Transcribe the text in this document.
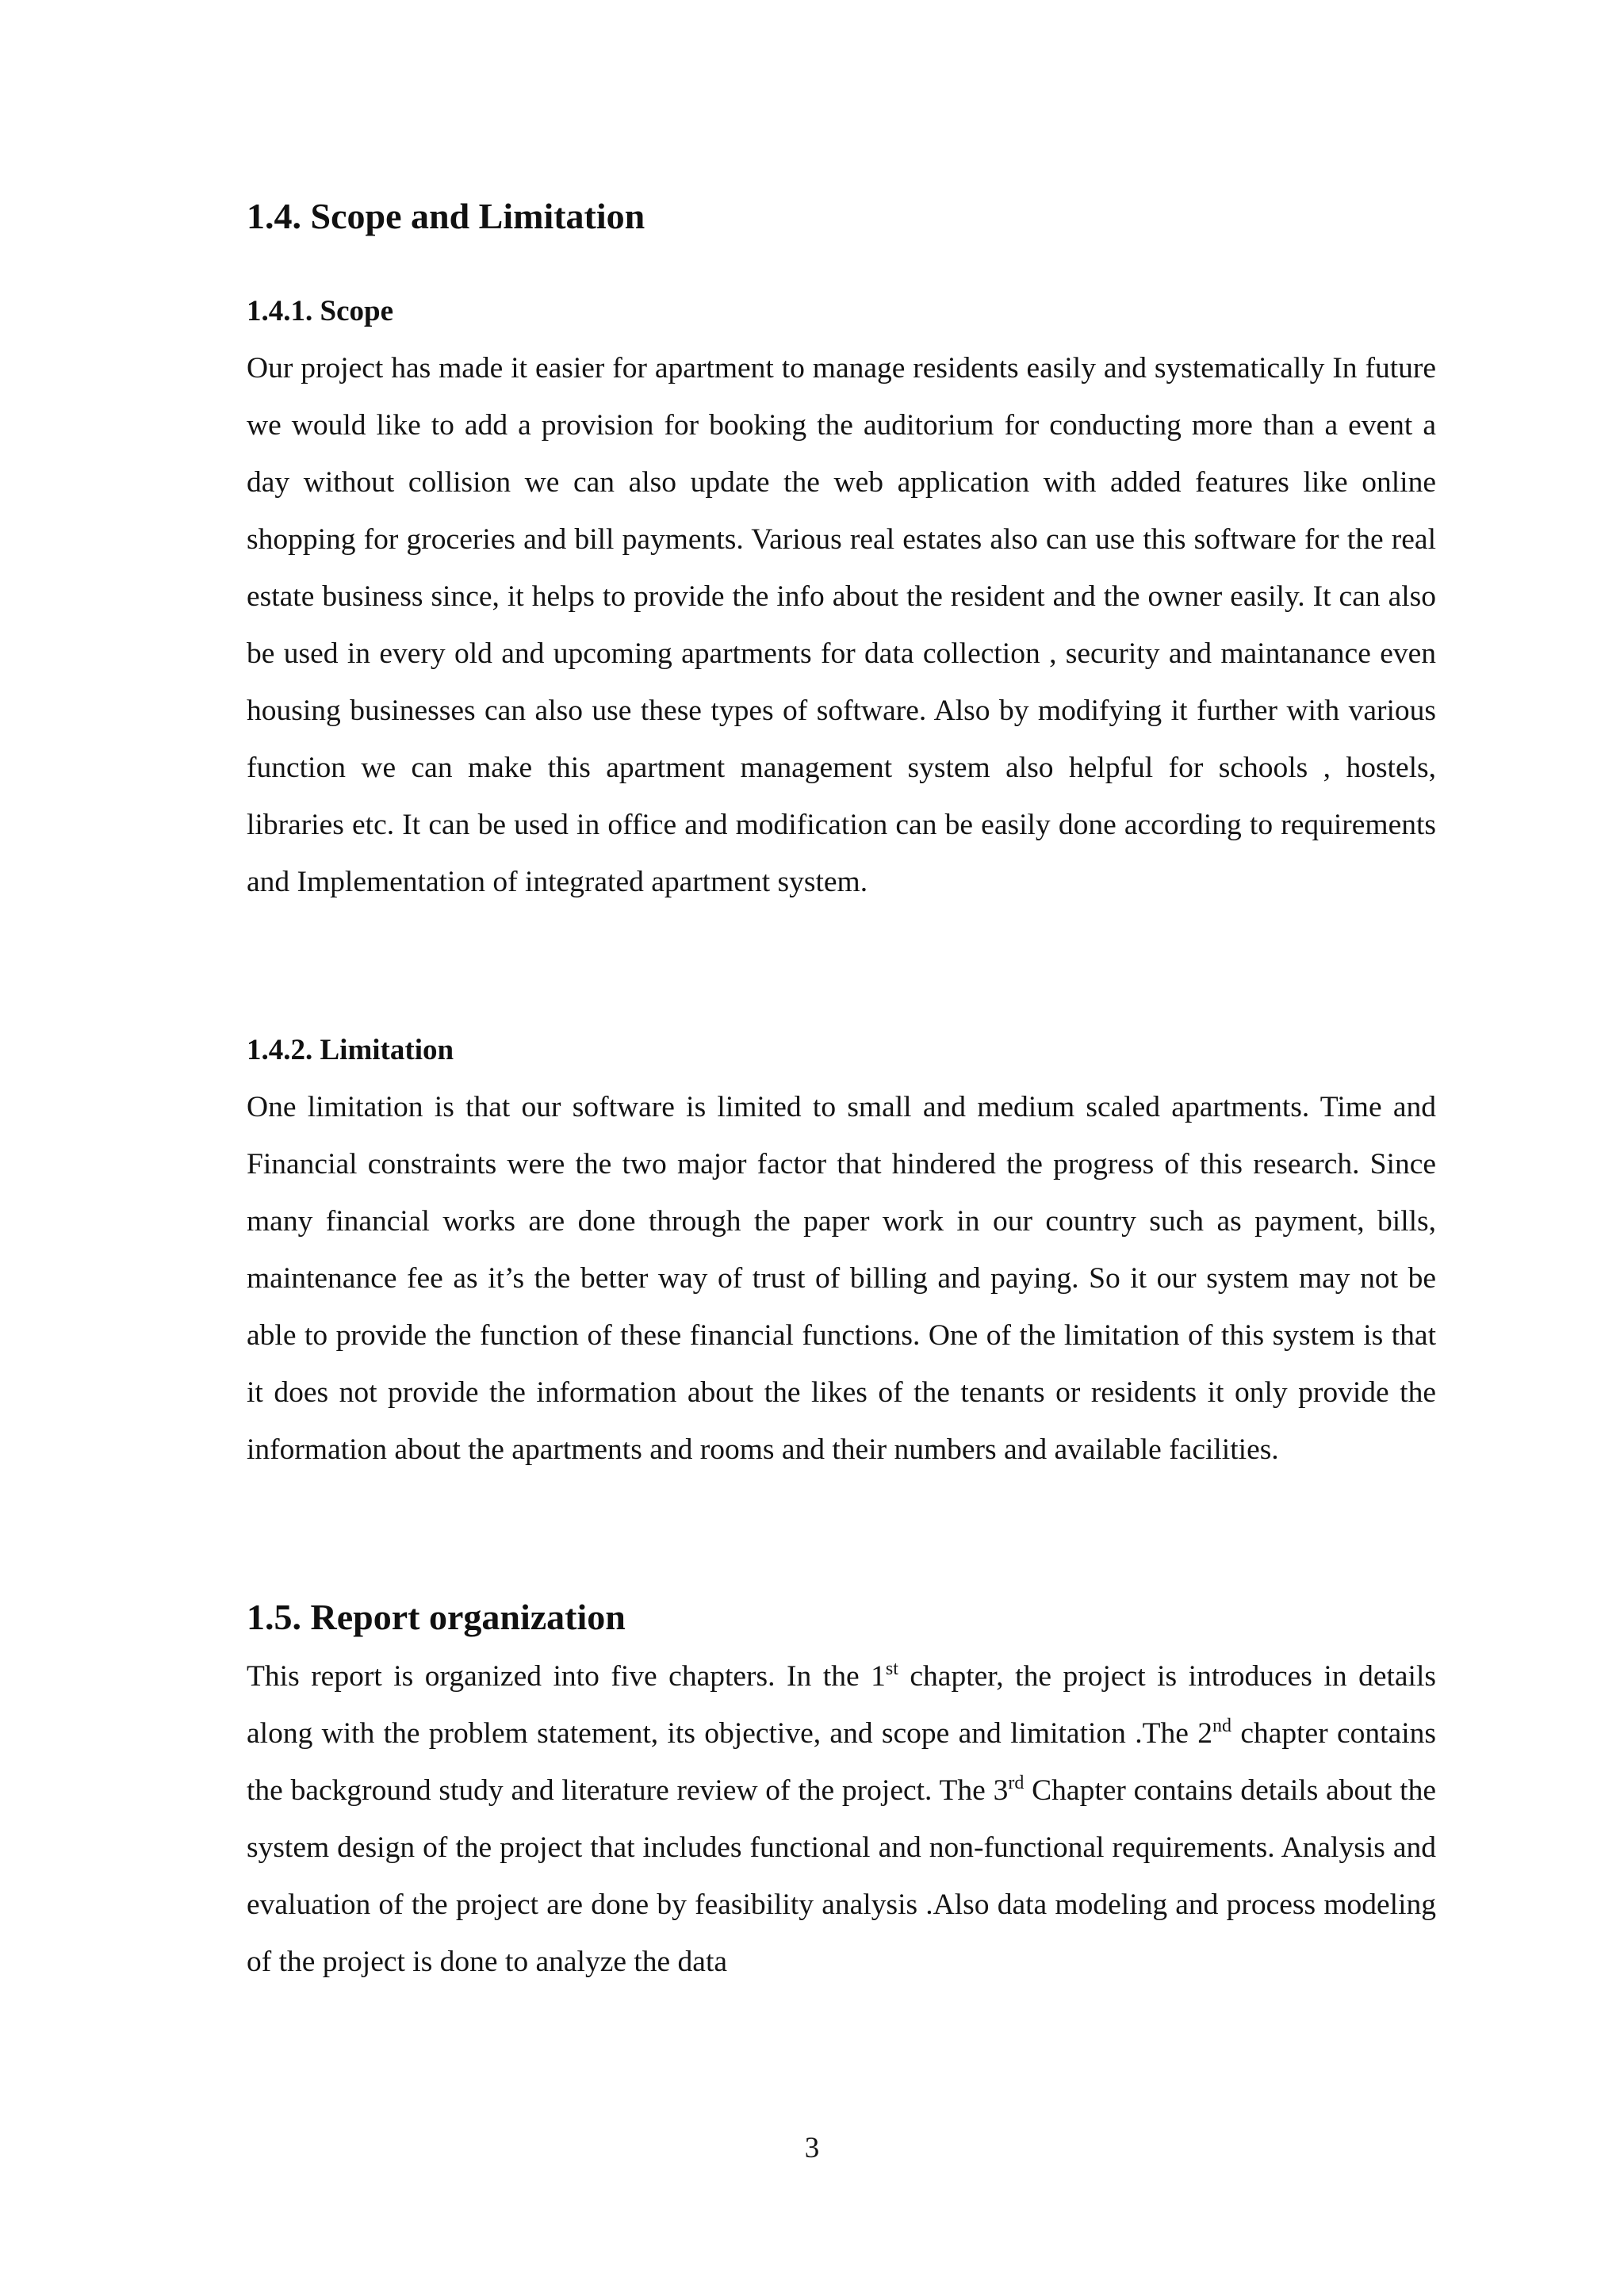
1.4. Scope and Limitation
1.4.1. Scope

Our project has made it easier for apartment to manage residents easily and systematically In future we would like to add a provision for booking the auditorium for conducting more than a event a day without collision we can also update the web application with added features like online shopping for groceries and bill payments. Various real estates also can use this software for the real estate business since, it helps to provide the info about the resident and the owner easily. It can also be used in every old and upcoming apartments for data collection , security and maintanance even housing businesses can also use these types of software. Also by modifying it further with various function we can make this apartment management system also helpful for schools , hostels, libraries etc. It can be used in office and modification can be easily done according to requirements and Implementation of integrated apartment system.

1.4.2. Limitation

One limitation is that our software is limited to small and medium scaled apartments. Time and Financial constraints were the two major factor that hindered the progress of this research. Since many financial works are done through the paper work in our country such as payment, bills, maintenance fee as it’s the better way of trust of billing and paying. So it our system may not be able to provide the function of these financial functions. One of the limitation of this system is that it does not provide the information about the likes of the tenants or residents it only provide the information about the apartments and rooms and their numbers and available facilities.

1.5. Report organization

This report is organized into five chapters. In the 1st chapter, the project is introduces in details along with the problem statement, its objective, and scope and limitation .The 2nd chapter contains the background study and literature review of the project. The 3rd Chapter contains details about the system design of the project that includes functional and non-functional requirements. Analysis and evaluation of the project are done by feasibility analysis .Also data modeling and process modeling of the project is done to analyze the data

3
